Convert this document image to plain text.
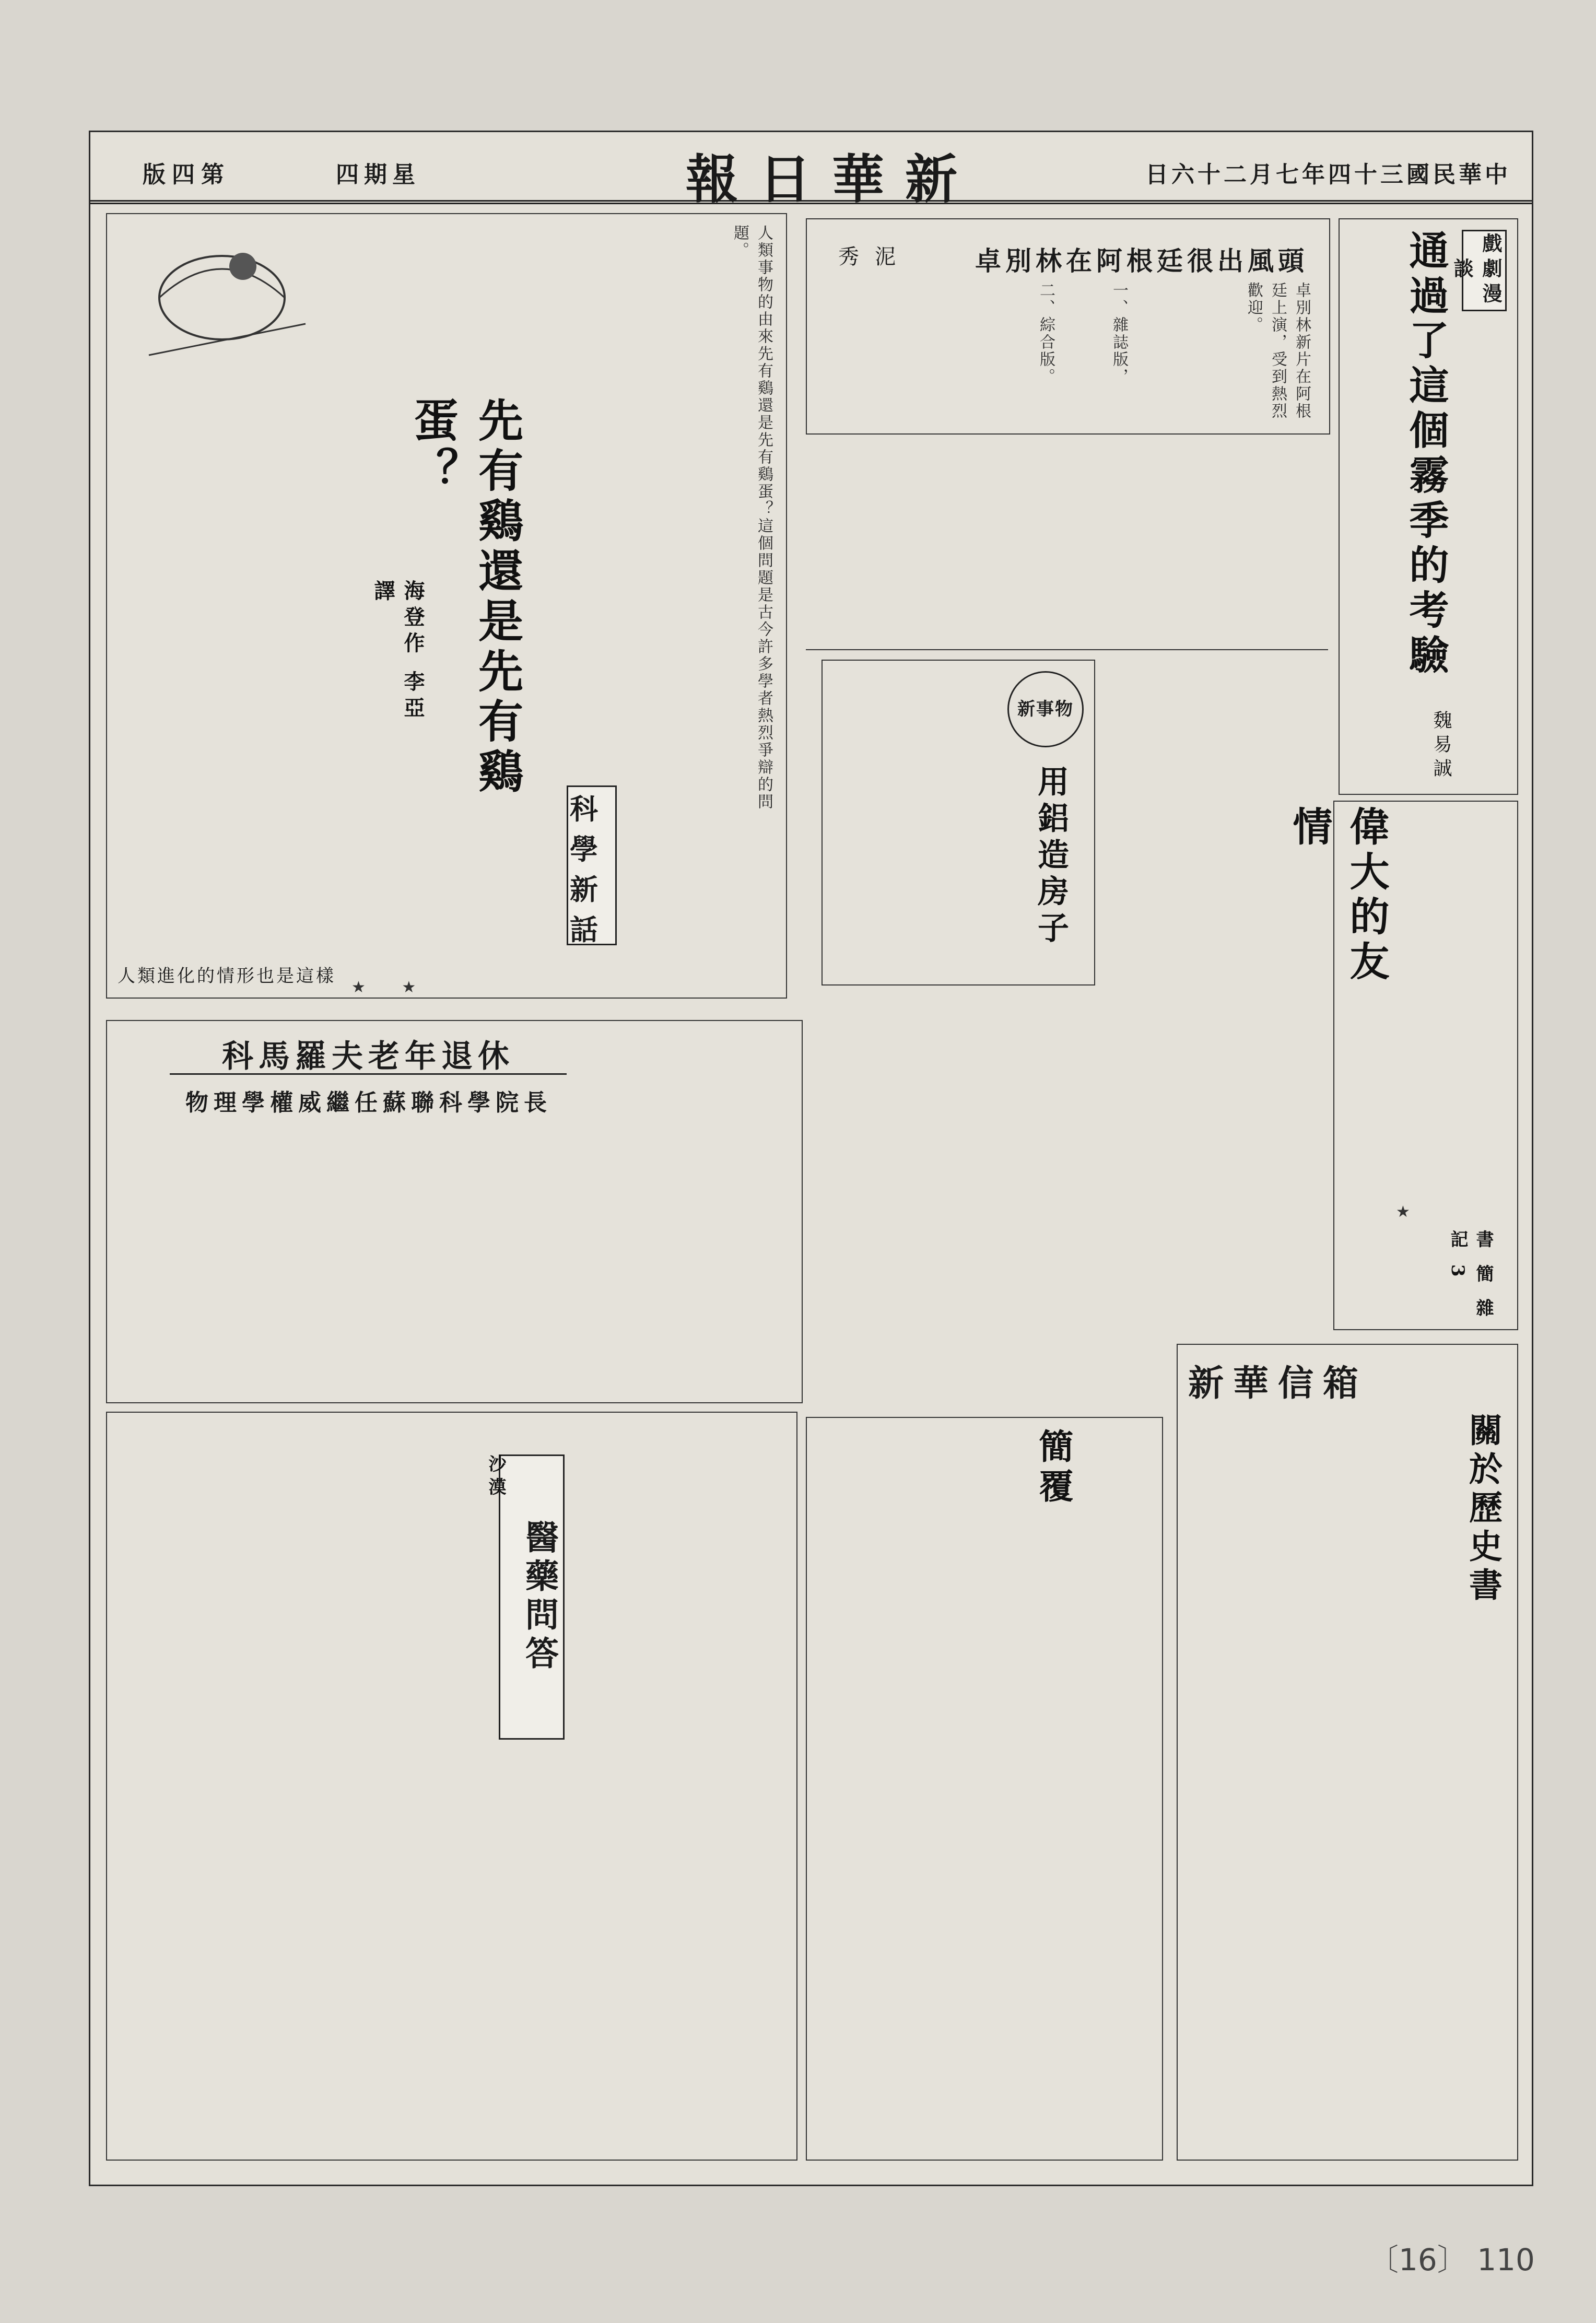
版四第	四期星	報日華新	日六十二月七年四十三國民華中
人類事物的由來先有鷄還是先有鷄蛋？這個問題是古今許多學者熱烈爭辯的問題。
先有鷄還是先有鷄蛋？
海登作 李亞譯
人類進化的情形也是這樣
科學新話
卓別林在阿根廷很出風頭
秀泥
卓別林新片在阿根廷上演，受到熱烈歡迎。
一、雜誌版，
二、綜合版。
戲劇漫談
通過了這個霧季的考驗
魏易誠
新事物
用鋁造房子
書 簡 雜 記 3
偉大的友情
科馬羅夫老年退休
物理學權威繼任蘇聯科學院長
新華信箱
關於歷史書
簡覆
醫藥問答
沙漠
★ ★
★
〔16〕 110
